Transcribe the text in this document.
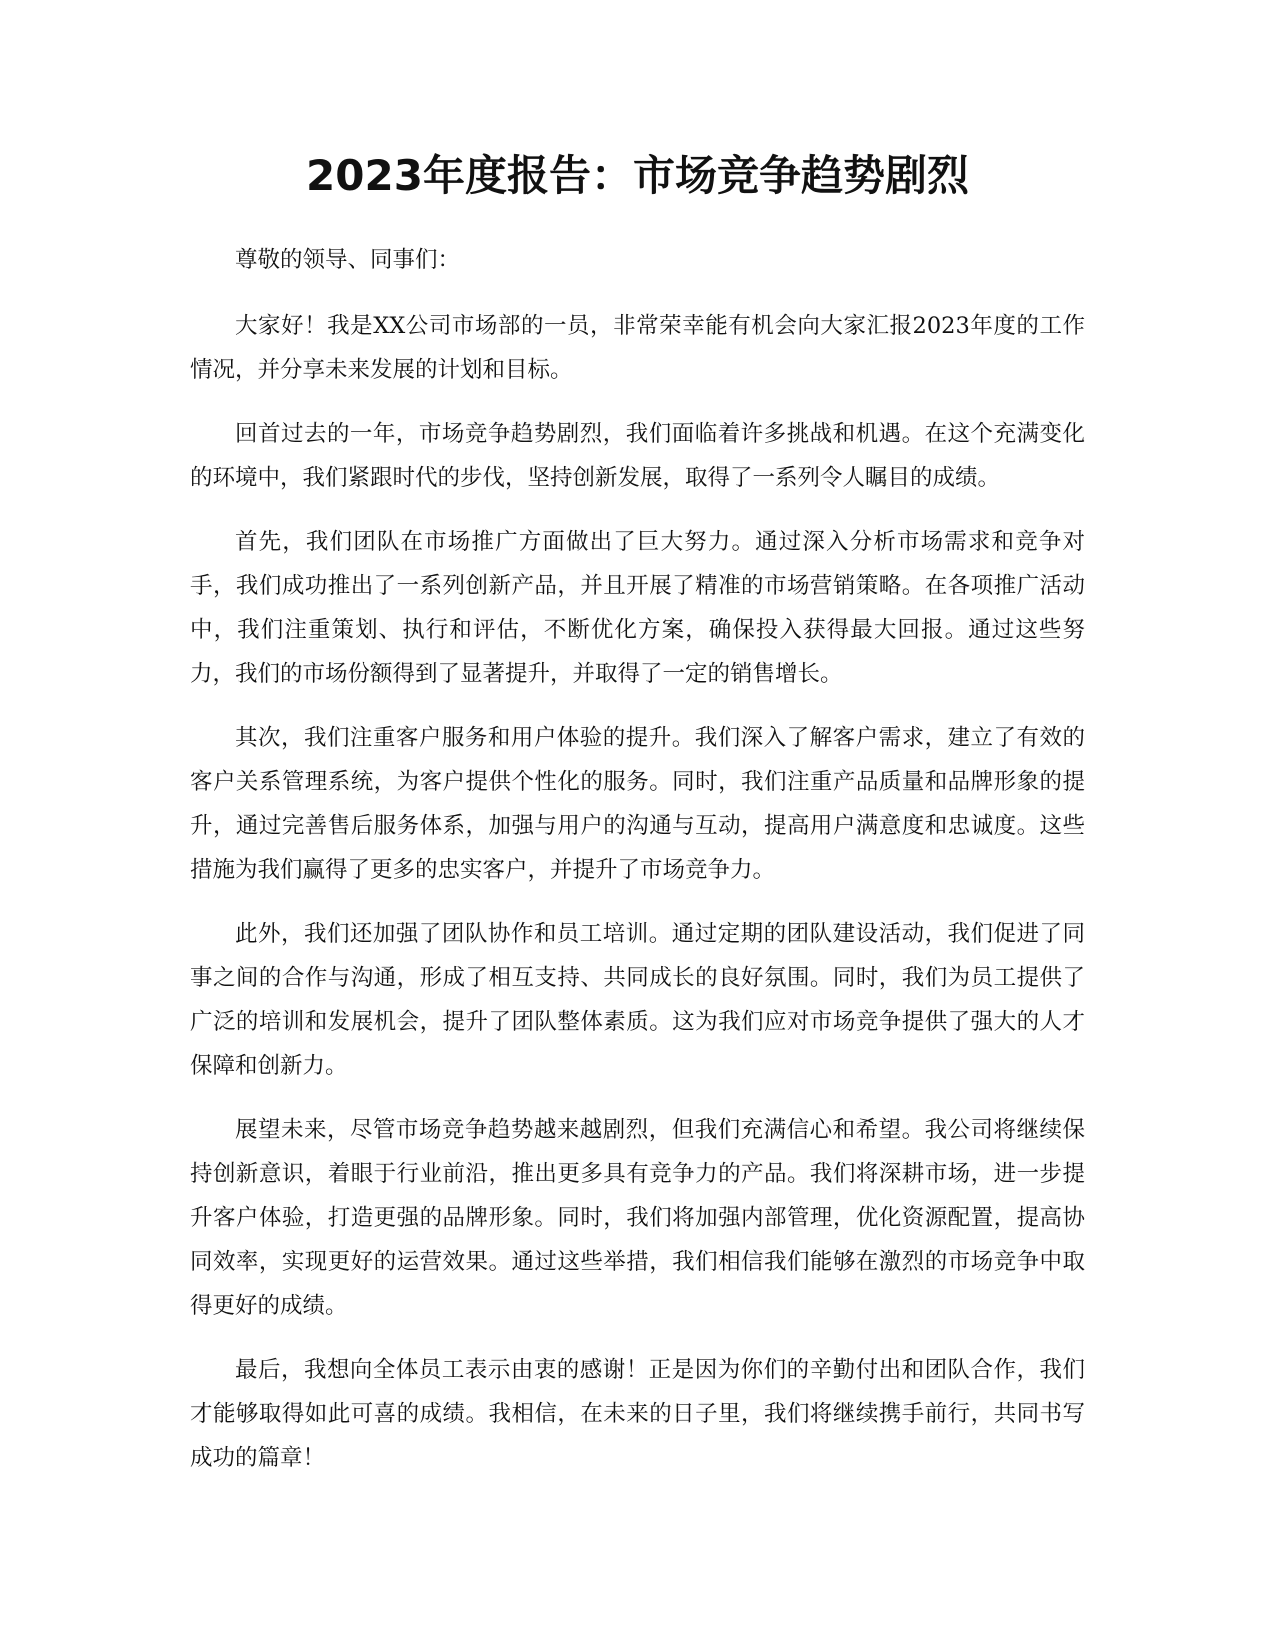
2023年度报告：市场竞争趋势剧烈

尊敬的领导、同事们：

大家好！我是XX公司市场部的一员，非常荣幸能有机会向大家汇报2023年度的工作情况，并分享未来发展的计划和目标。

回首过去的一年，市场竞争趋势剧烈，我们面临着许多挑战和机遇。在这个充满变化的环境中，我们紧跟时代的步伐，坚持创新发展，取得了一系列令人瞩目的成绩。

首先，我们团队在市场推广方面做出了巨大努力。通过深入分析市场需求和竞争对手，我们成功推出了一系列创新产品，并且开展了精准的市场营销策略。在各项推广活动中，我们注重策划、执行和评估，不断优化方案，确保投入获得最大回报。通过这些努力，我们的市场份额得到了显著提升，并取得了一定的销售增长。

其次，我们注重客户服务和用户体验的提升。我们深入了解客户需求，建立了有效的客户关系管理系统，为客户提供个性化的服务。同时，我们注重产品质量和品牌形象的提升，通过完善售后服务体系，加强与用户的沟通与互动，提高用户满意度和忠诚度。这些措施为我们赢得了更多的忠实客户，并提升了市场竞争力。

此外，我们还加强了团队协作和员工培训。通过定期的团队建设活动，我们促进了同事之间的合作与沟通，形成了相互支持、共同成长的良好氛围。同时，我们为员工提供了广泛的培训和发展机会，提升了团队整体素质。这为我们应对市场竞争提供了强大的人才保障和创新力。

展望未来，尽管市场竞争趋势越来越剧烈，但我们充满信心和希望。我公司将继续保持创新意识，着眼于行业前沿，推出更多具有竞争力的产品。我们将深耕市场，进一步提升客户体验，打造更强的品牌形象。同时，我们将加强内部管理，优化资源配置，提高协同效率，实现更好的运营效果。通过这些举措，我们相信我们能够在激烈的市场竞争中取得更好的成绩。

最后，我想向全体员工表示由衷的感谢！正是因为你们的辛勤付出和团队合作，我们才能够取得如此可喜的成绩。我相信，在未来的日子里，我们将继续携手前行，共同书写成功的篇章！
